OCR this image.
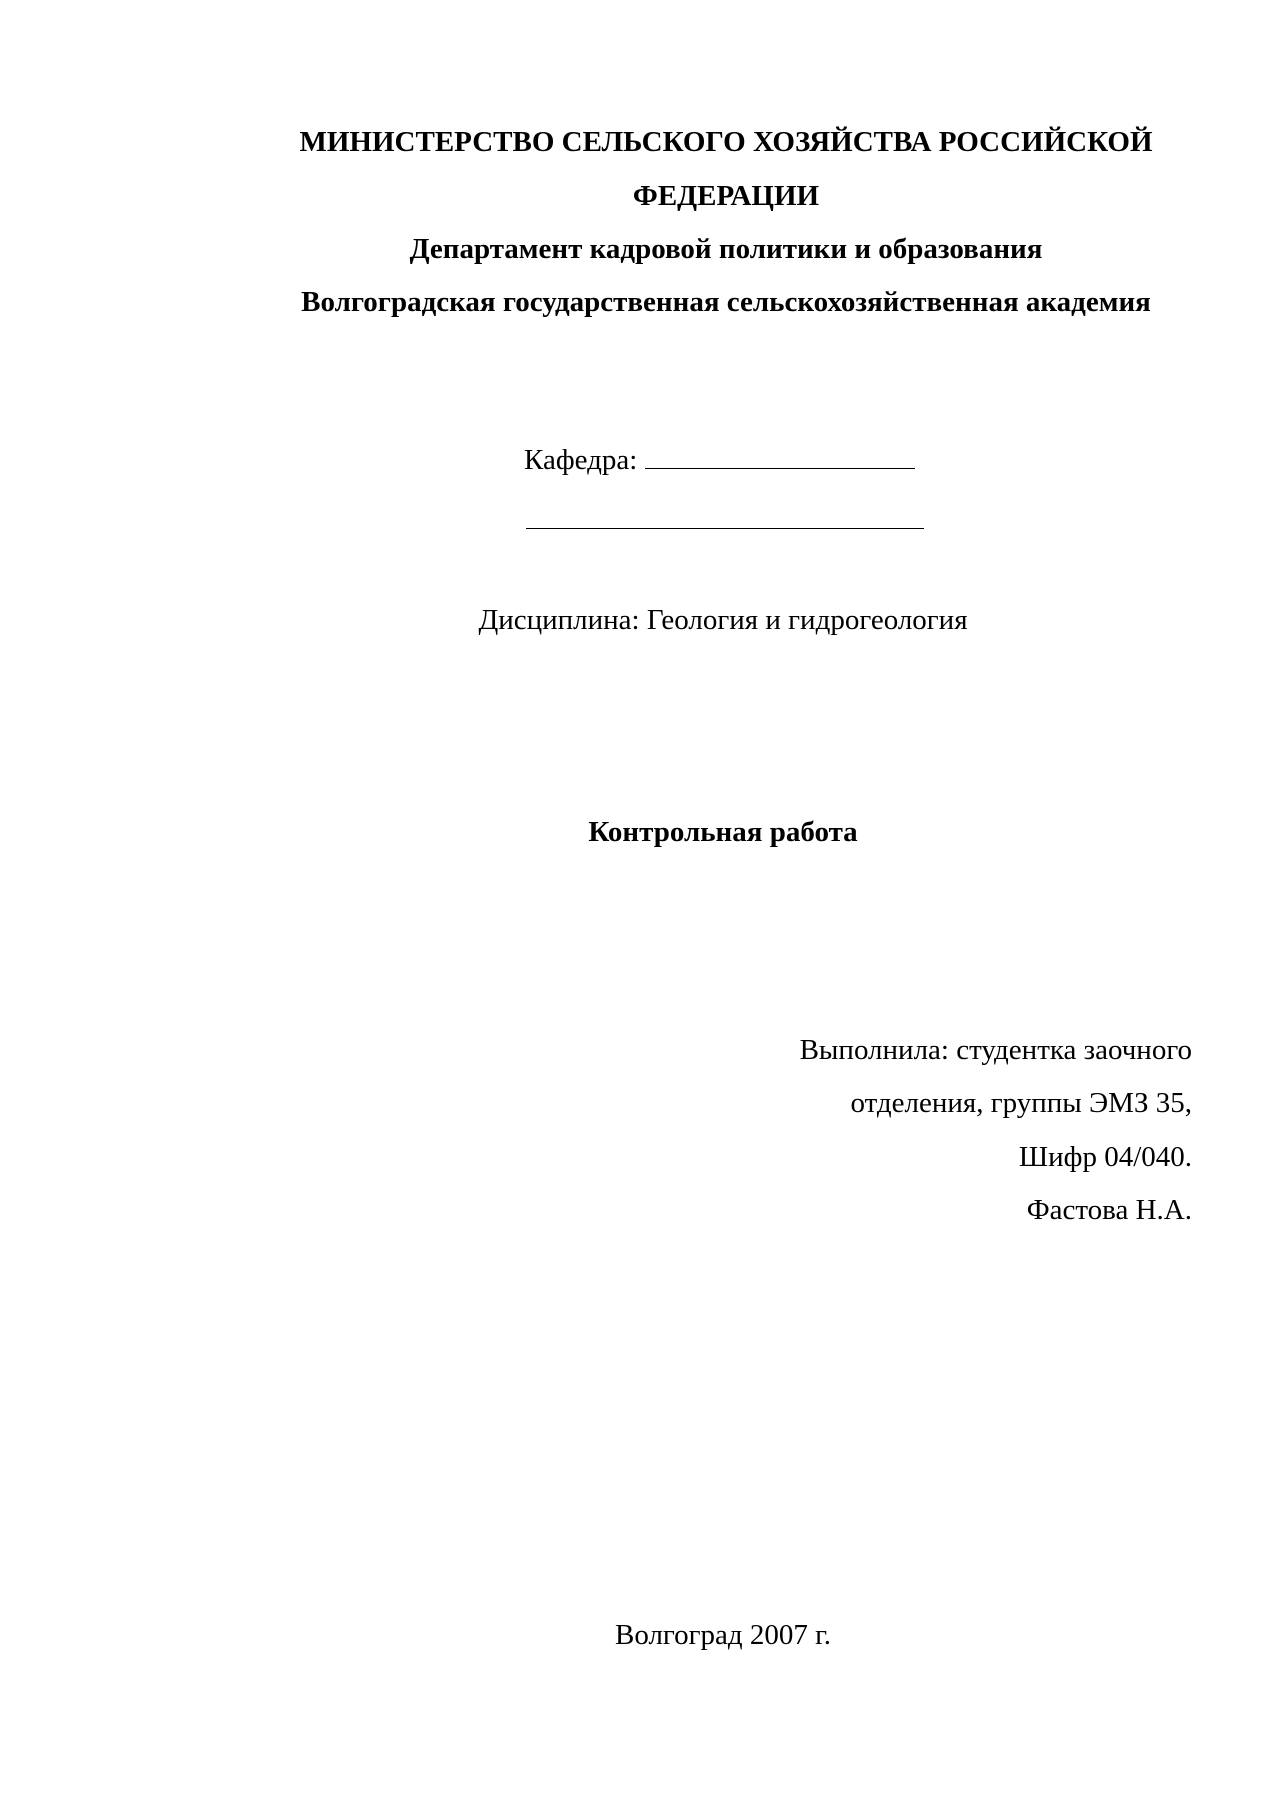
МИНИСТЕРСТВО СЕЛЬСКОГО ХОЗЯЙСТВА РОССИЙСКОЙ
ФЕДЕРАЦИИ
Департамент кадровой политики и образования
Волгоградская государственная сельскохозяйственная академия
Кафедра:
Дисциплина: Геология и гидрогеология
Контрольная работа
Выполнила: студентка заочного
отделения, группы ЭМЗ 35,
Шифр 04/040.
Фастова Н.А.
Волгоград 2007 г.
